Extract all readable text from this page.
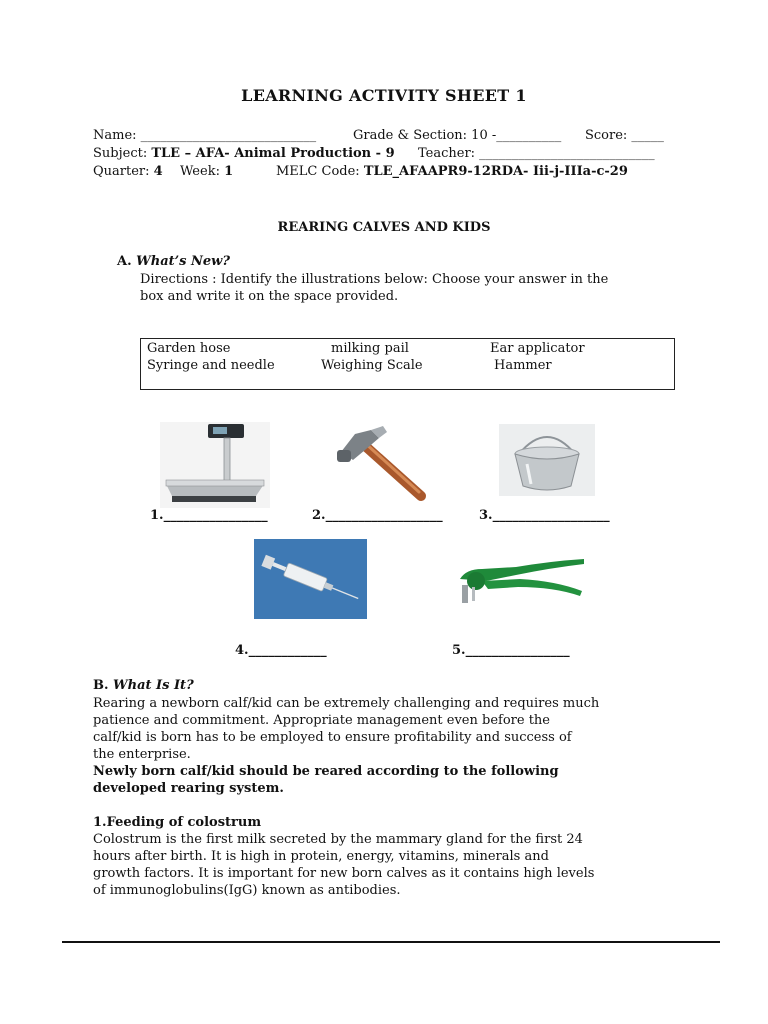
LEARNING ACTIVITY SHEET 1
Name: ___________________________	Grade & Section: 10 -__________ Score: _____
Subject: TLE – AFA- Animal Production - 9 Teacher: ___________________________
Quarter: 4 Week: 1	MELC Code: TLE_AFAAPR9-12RDA- Iii-j-IIIa-c-29
REARING CALVES AND KIDS
A. What’s New?
Directions : Identify the illustrations below: Choose your answer in the
box and write it on the space provided.
Garden hose	milking pail	Ear applicator
Syringe and needle	Weighing Scale	Hammer
1.________________	2.__________________	3.__________________
4.____________	5.________________
B. What Is It?
Rearing a newborn calf/kid can be extremely challenging and requires much
patience and commitment. Appropriate management even before the
calf/kid is born has to be employed to ensure profitability and success of
the enterprise.
Newly born calf/kid should be reared according to the following
developed rearing system.
1.Feeding of colostrum
Colostrum is the first milk secreted by the mammary gland for the first 24
hours after birth. It is high in protein, energy, vitamins, minerals and
growth factors. It is important for new born calves as it contains high levels
of immunoglobulins(IgG) known as antibodies.
